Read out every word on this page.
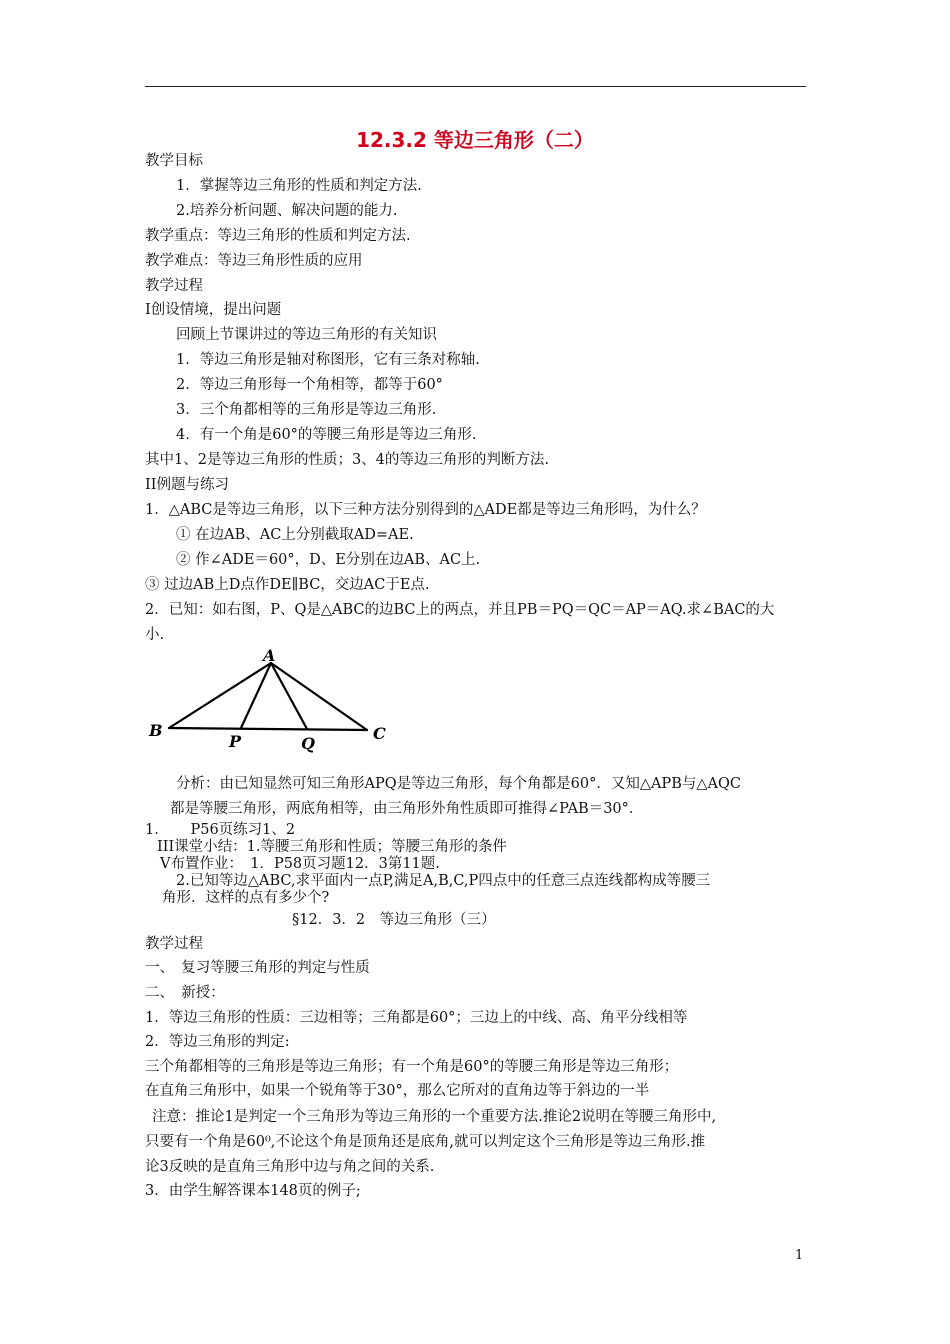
12.3.2 等边三角形（二）
教学目标
1．掌握等边三角形的性质和判定方法.
2.培养分析问题、解决问题的能力.
教学重点：等边三角形的性质和判定方法.
教学难点：等边三角形性质的应用
教学过程
I创设情境，提出问题
回顾上节课讲过的等边三角形的有关知识
1．等边三角形是轴对称图形，它有三条对称轴.
2．等边三角形每一个角相等，都等于60°
3．三个角都相等的三角形是等边三角形.
4．有一个角是60°的等腰三角形是等边三角形.
其中1、2是等边三角形的性质；3、4的等边三角形的判断方法.
II例题与练习
1．△ABC是等边三角形，以下三种方法分别得到的△ADE都是等边三角形吗，为什么？
① 在边AB、AC上分别截取AD=AE.
② 作∠ADE＝60°，D、E分别在边AB、AC上.
③ 过边AB上D点作DE∥BC，交边AC于E点.
2．已知：如右图，P、Q是△ABC的边BC上的两点，并且PB＝PQ＝QC＝AP＝AQ.求∠BAC的大
小.
A
B
P	Q
C
分析：由已知显然可知三角形APQ是等边三角形，每个角都是60°．又知△APB与△AQC
都是等腰三角形，两底角相等，由三角形外角性质即可推得∠PAB＝30°．
1．　　P56页练习1、2
III课堂小结：1.等腰三角形和性质；等腰三角形的条件
V布置作业：　1．P58页习题12．3第11题.
2.已知等边△ABC,求平面内一点P,满足A,B,C,P四点中的任意三点连线都构成等腰三
角形．这样的点有多少个?
§12．3．2　等边三角形（三）
教学过程
一、　复习等腰三角形的判定与性质
二、　新授：
1．等边三角形的性质：三边相等；三角都是60°；三边上的中线、高、角平分线相等
2．等边三角形的判定:
三个角都相等的三角形是等边三角形；有一个角是60°的等腰三角形是等边三角形；
在直角三角形中，如果一个锐角等于30°，那么它所对的直角边等于斜边的一半
注意：推论1是判定一个三角形为等边三角形的一个重要方法.推论2说明在等腰三角形中,
只要有一个角是60⁰,不论这个角是顶角还是底角,就可以判定这个三角形是等边三角形.推
论3反映的是直角三角形中边与角之间的关系.
3．由学生解答课本148页的例子;
1
